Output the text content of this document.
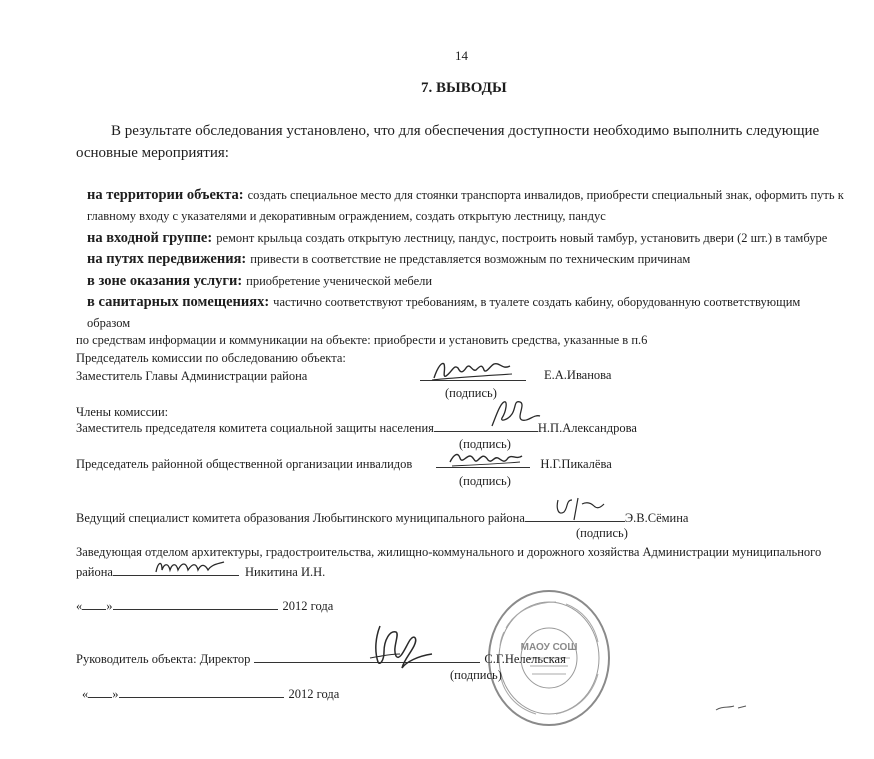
14
7. ВЫВОДЫ
В результате обследования установлено, что для обеспечения доступности необходимо выполнить следующие
основные мероприятия:
на территории объекта: создать специальное место для стоянки транспорта инвалидов, приобрести специальный знак, оформить путь к
главному входу с указателями и декоративным ограждением, создать открытую лестницу, пандус
на входной группе: ремонт крыльца создать открытую лестницу, пандус, построить новый тамбур, установить двери (2 шт.) в тамбуре
на путях передвижения: привести в соответствие не представляется возможным по техническим причинам
в зоне оказания услуги: приобретение ученической мебели
в санитарных помещениях: частично соответствуют требованиям, в туалете создать кабину, оборудованную соответствующим
образом
по средствам информации и коммуникации на объекте: приобрести и установить средства, указанные в п.6
Председатель комиссии по обследованию объекта:
Заместитель Главы Администрации района	Е.А.Иванова
(подпись)
Члены комиссии:
Заместитель председателя комитета социальной защиты населения	Н.П.Александрова
(подпись)
Председатель районной общественной организации инвалидов	Н.Г.Пикалёва
(подпись)
Ведущий специалист комитета образования Любытинского муниципального района	Э.В.Сёмина
(подпись)
Заведующая отделом архитектуры, градостроительства, жилищно-коммунального и дорожного хозяйства Администрации муниципального
района	Никитина И.Н.
« »	2012 года
МАОУ СОШ
Руководитель объекта: Директор	С.Г.Нелельская
(подпись)
« »	2012 года
